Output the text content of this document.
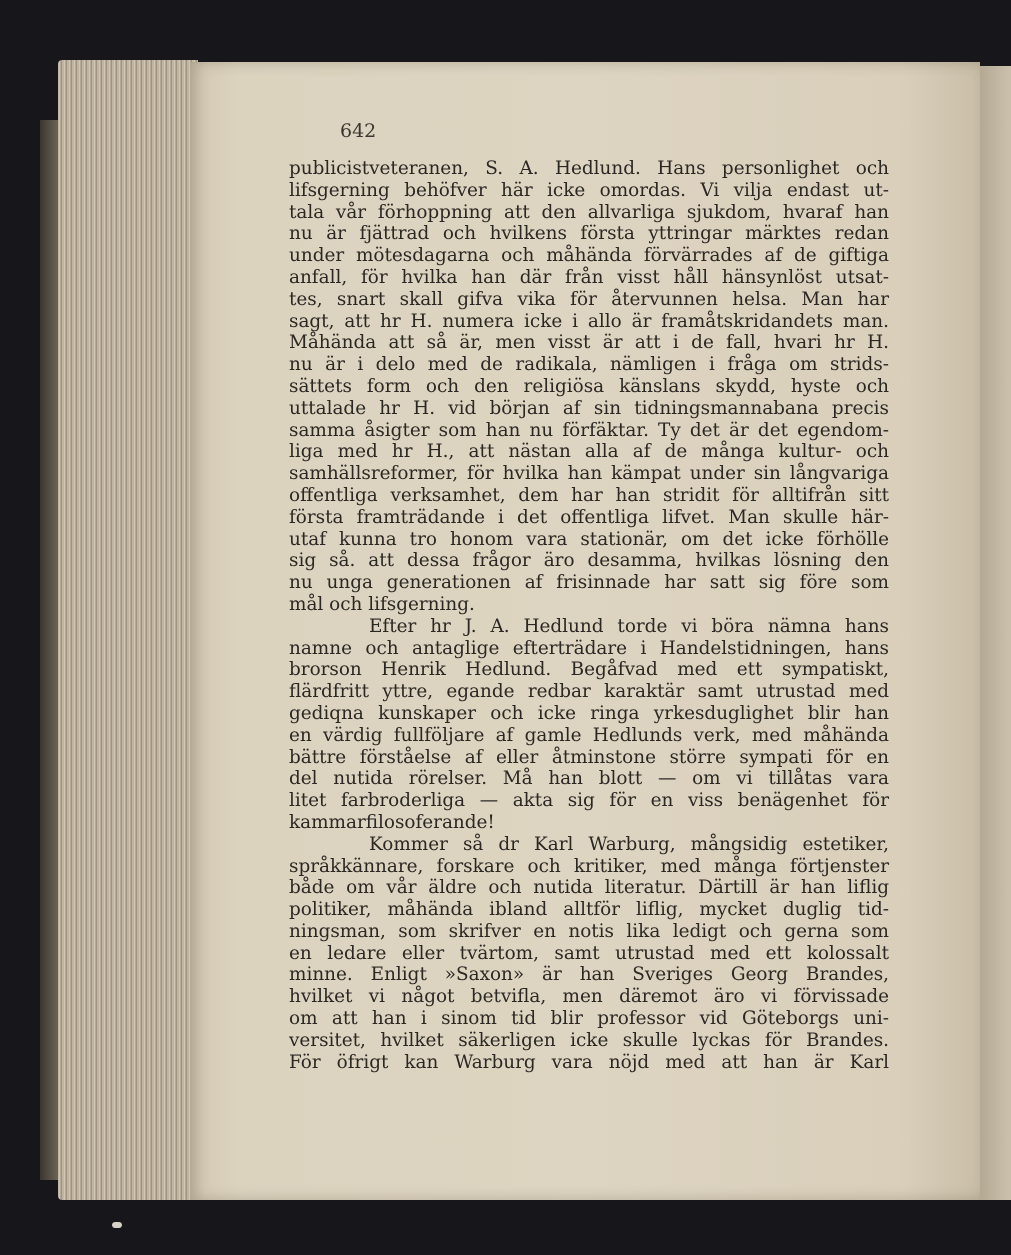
642
publicistveteranen, S. A. Hedlund. Hans personlighet och
lifsgerning behöfver här icke omordas. Vi vilja endast ut-
tala vår förhoppning att den allvarliga sjukdom, hvaraf han
nu är fjättrad och hvilkens första yttringar märktes redan
under mötesdagarna och måhända förvärrades af de giftiga
anfall, för hvilka han där från visst håll hänsynlöst utsat-
tes, snart skall gifva vika för återvunnen helsa. Man har
sagt, att hr H. numera icke i allo är framåtskridandets man.
Måhända att så är, men visst är att i de fall, hvari hr H.
nu är i delo med de radikala, nämligen i fråga om strids-
sättets form och den religiösa känslans skydd, hyste och
uttalade hr H. vid början af sin tidningsmannabana precis
samma åsigter som han nu förfäktar. Ty det är det egendom-
liga med hr H., att nästan alla af de många kultur- och
samhällsreformer, för hvilka han kämpat under sin långvariga
offentliga verksamhet, dem har han stridit för alltifrån sitt
första framträdande i det offentliga lifvet. Man skulle här-
utaf kunna tro honom vara stationär, om det icke förhölle
sig så. att dessa frågor äro desamma, hvilkas lösning den
nu unga generationen af frisinnade har satt sig före som
mål och lifsgerning.
Efter hr J. A. Hedlund torde vi böra nämna hans
namne och antaglige efterträdare i Handelstidningen, hans
brorson Henrik Hedlund. Begåfvad med ett sympatiskt,
flärdfritt yttre, egande redbar karaktär samt utrustad med
gediqna kunskaper och icke ringa yrkesduglighet blir han
en värdig fullföljare af gamle Hedlunds verk, med måhända
bättre förståelse af eller åtminstone större sympati för en
del nutida rörelser. Må han blott — om vi tillåtas vara
litet farbroderliga — akta sig för en viss benägenhet för
kammarfilosoferande!
Kommer så dr Karl Warburg, mångsidig estetiker,
språkkännare, forskare och kritiker, med många förtjenster
både om vår äldre och nutida literatur. Därtill är han liflig
politiker, måhända ibland alltför liflig, mycket duglig tid-
ningsman, som skrifver en notis lika ledigt och gerna som
en ledare eller tvärtom, samt utrustad med ett kolossalt
minne. Enligt »Saxon» är han Sveriges Georg Brandes,
hvilket vi något betvifla, men däremot äro vi förvissade
om att han i sinom tid blir professor vid Göteborgs uni-
versitet, hvilket säkerligen icke skulle lyckas för Brandes.
För öfrigt kan Warburg vara nöjd med att han är Karl
